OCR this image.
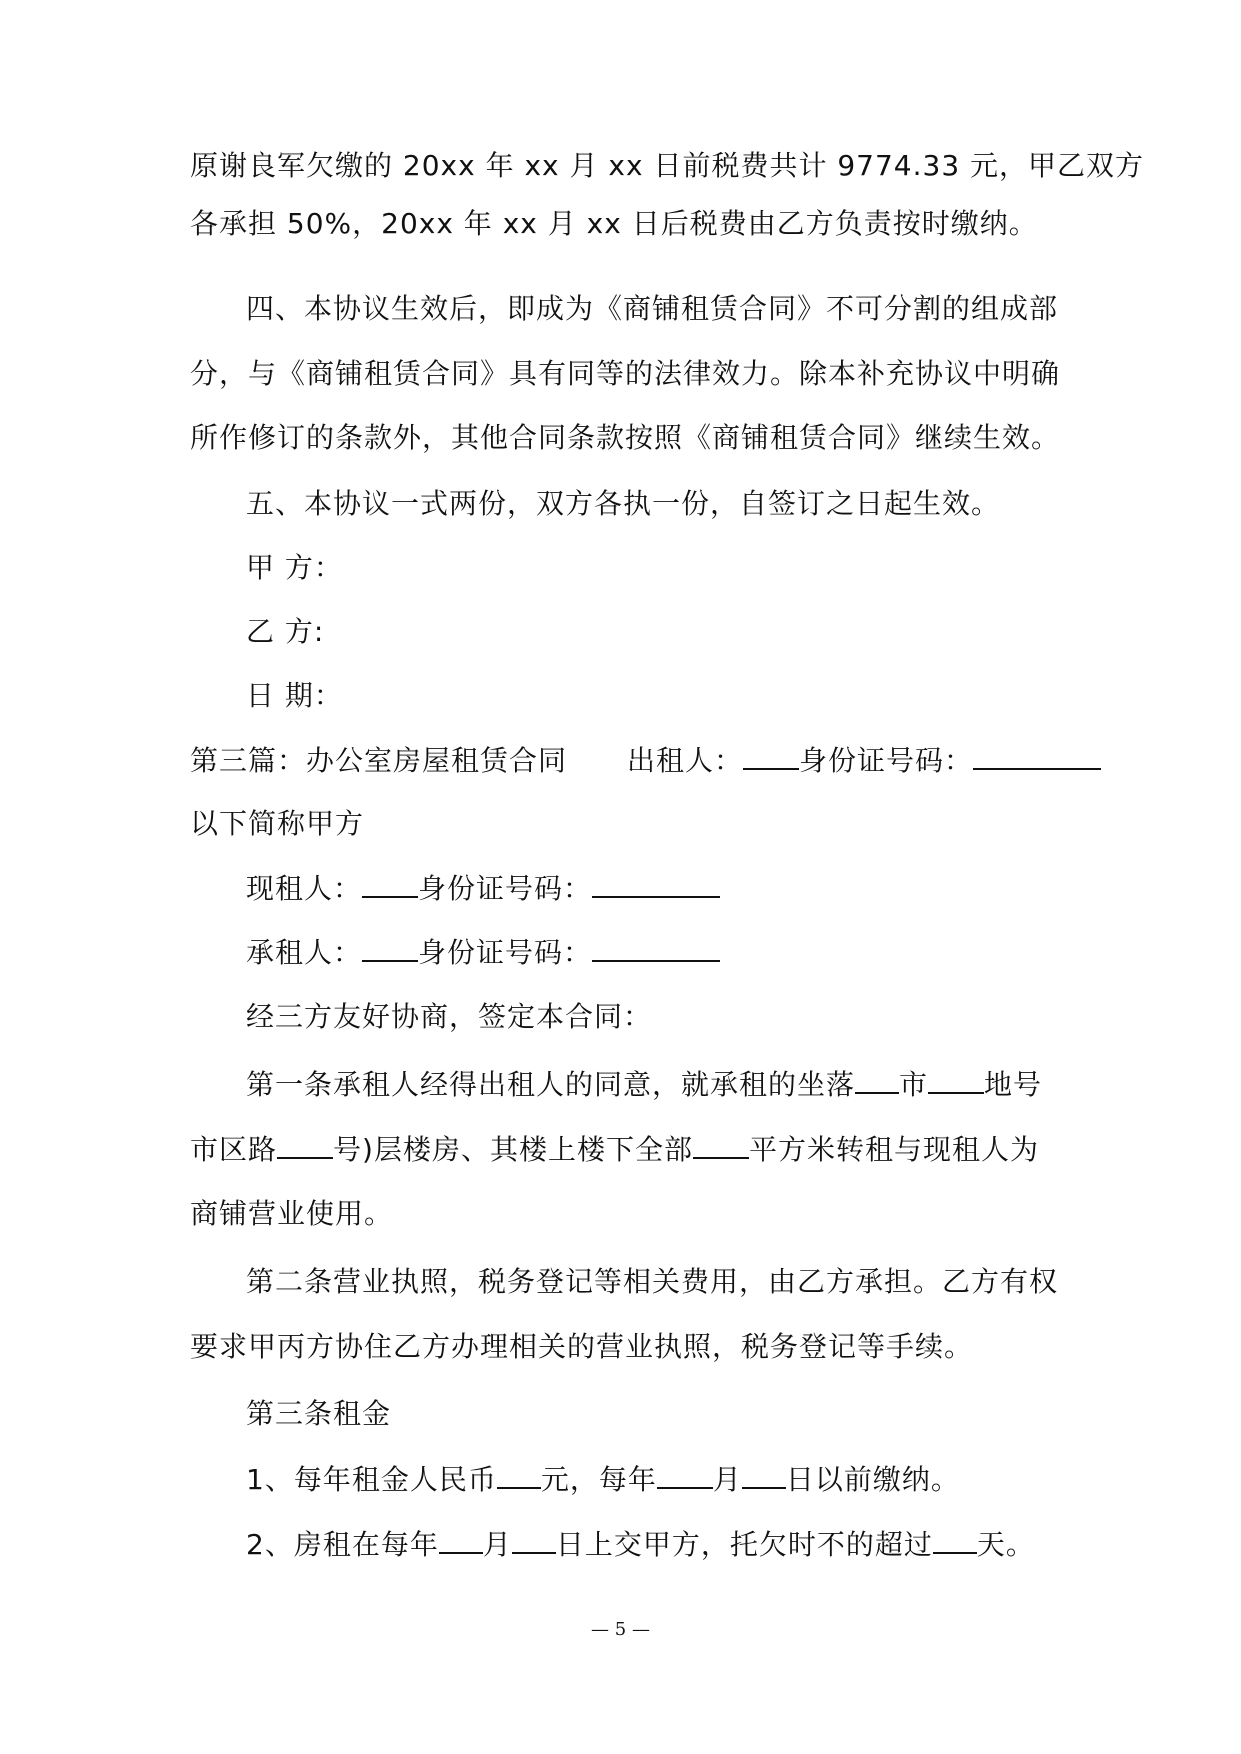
原谢良军欠缴的 20xx 年 xx 月 xx 日前税费共计 9774.33 元，甲乙双方
各承担 50%，20xx 年 xx 月 xx 日后税费由乙方负责按时缴纳。
四、本协议生效后，即成为《商铺租赁合同》不可分割的组成部
分，与《商铺租赁合同》具有同等的法律效力。除本补充协议中明确
所作修订的条款外，其他合同条款按照《商铺租赁合同》继续生效。
五、本协议一式两份，双方各执一份，自签订之日起生效。
甲 方：
乙 方:
日 期：
第三篇：办公室房屋租赁合同 出租人： 身份证号码：
以下简称甲方
现租人： 身份证号码：
承租人： 身份证号码：
经三方友好协商，签定本合同：
第一条承租人经得出租人的同意，就承租的坐落 市 地号
市区路 号)层楼房、其楼上楼下全部 平方米转租与现租人为
商铺营业使用。
第二条营业执照，税务登记等相关费用，由乙方承担。乙方有权
要求甲丙方协住乙方办理相关的营业执照，税务登记等手续。
第三条租金
1、每年租金人民币 元，每年 月 日以前缴纳。
2、房租在每年 月 日上交甲方，托欠时不的超过 天。
— 5 —
